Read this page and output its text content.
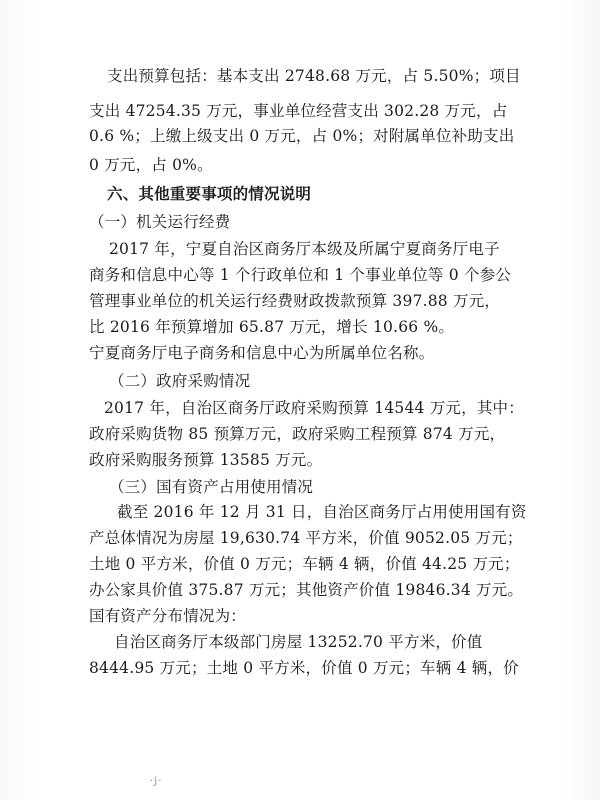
支出预算包括：基本支出 2748.68 万元，占 5.50%；项目
支出 47254.35 万元，事业单位经营支出 302.28 万元，占
0.6 %；上缴上级支出 0 万元，占 0%；对附属单位补助支出
0 万元，占 0%。
六、其他重要事项的情况说明
（一）机关运行经费
2017 年，宁夏自治区商务厅本级及所属宁夏商务厅电子
商务和信息中心等 1 个行政单位和 1 个事业单位等 0 个参公
管理事业单位的机关运行经费财政拨款预算 397.88 万元，
比 2016 年预算增加 65.87 万元，增长 10.66 %。
宁夏商务厅电子商务和信息中心为所属单位名称。
（二）政府采购情况
2017 年，自治区商务厅政府采购预算 14544 万元，其中：
政府采购货物 85 预算万元，政府采购工程预算 874 万元，
政府采购服务预算 13585 万元。
（三）国有资产占用使用情况
截至 2016 年 12 月 31 日，自治区商务厅占用使用国有资
产总体情况为房屋 19,630.74 平方米，价值 9052.05 万元；
土地 0 平方米，价值 0 万元；车辆 4 辆，价值 44.25 万元；
办公家具价值 375.87 万元；其他资产价值 19846.34 万元。
国有资产分布情况为：
自治区商务厅本级部门房屋 13252.70 平方米，价值
8444.95 万元；土地 0 平方米，价值 0 万元；车辆 4 辆，价
·j·
